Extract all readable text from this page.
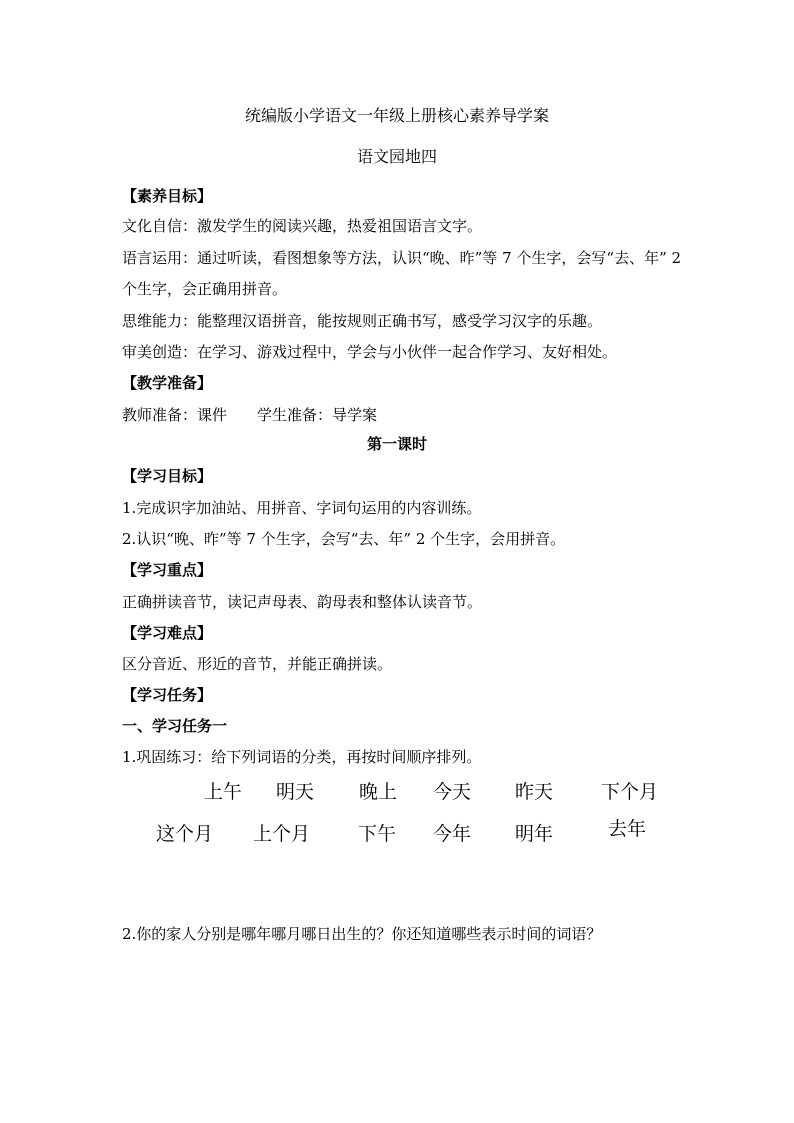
统编版小学语文一年级上册核心素养导学案
语文园地四
【素养目标】
文化自信：激发学生的阅读兴趣，热爱祖国语言文字。
语言运用：通过听读，看图想象等方法，认识“晚、昨”等 7 个生字，会写“去、年” 2
个生字，会正确用拼音。
思维能力：能整理汉语拼音，能按规则正确书写，感受学习汉字的乐趣。
审美创造：在学习、游戏过程中，学会与小伙伴一起合作学习、友好相处。
【教学准备】
教师准备：课件　　学生准备：导学案
第一课时
【学习目标】
1.完成识字加油站、用拼音、字词句运用的内容训练。
2.认识“晚、昨”等 7 个生字，会写“去、年” 2 个生字，会用拼音。
【学习重点】
正确拼读音节，读记声母表、韵母表和整体认读音节。
【学习难点】
区分音近、形近的音节，并能正确拼读。
【学习任务】
一、学习任务一
1.巩固练习：给下列词语的分类，再按时间顺序排列。
上午 明天 晚上 今天 昨天	下个月
这个月 上个月	下午 今年 明年	去年
2.你的家人分别是哪年哪月哪日出生的？你还知道哪些表示时间的词语？
